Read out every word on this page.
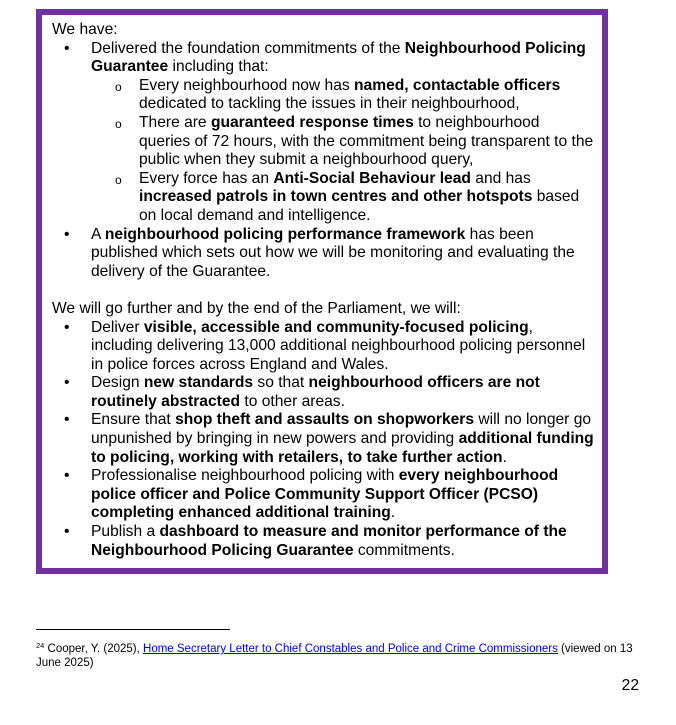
We have:

•	Delivered the foundation commitments of the Neighbourhood Policing Guarantee including that:
o Every neighbourhood now has named, contactable officers dedicated to tackling the issues in their neighbourhood,
o There are guaranteed response times to neighbourhood queries of 72 hours, with the commitment being transparent to the public when they submit a neighbourhood query,
o Every force has an Anti-Social Behaviour lead and has increased patrols in town centres and other hotspots based on local demand and intelligence.
•	A neighbourhood policing performance framework has been published which sets out how we will be monitoring and evaluating the delivery of the Guarantee.

We will go further and by the end of the Parliament, we will:

•	Deliver visible, accessible and community-focused policing, including delivering 13,000 additional neighbourhood policing personnel in police forces across England and Wales.
•	Design new standards so that neighbourhood officers are not routinely abstracted to other areas.
•	Ensure that shop theft and assaults on shopworkers will no longer go unpunished by bringing in new powers and providing additional funding to policing, working with retailers, to take further action.
•	Professionalise neighbourhood policing with every neighbourhood police officer and Police Community Support Officer (PCSO) completing enhanced additional training.
•	Publish a dashboard to measure and monitor performance of the Neighbourhood Policing Guarantee commitments.
$^{24}$ Cooper, Y. (2025), Home Secretary Letter to Chief Constables and Police and Crime Commissioners (viewed on 13 June 2025)
22
